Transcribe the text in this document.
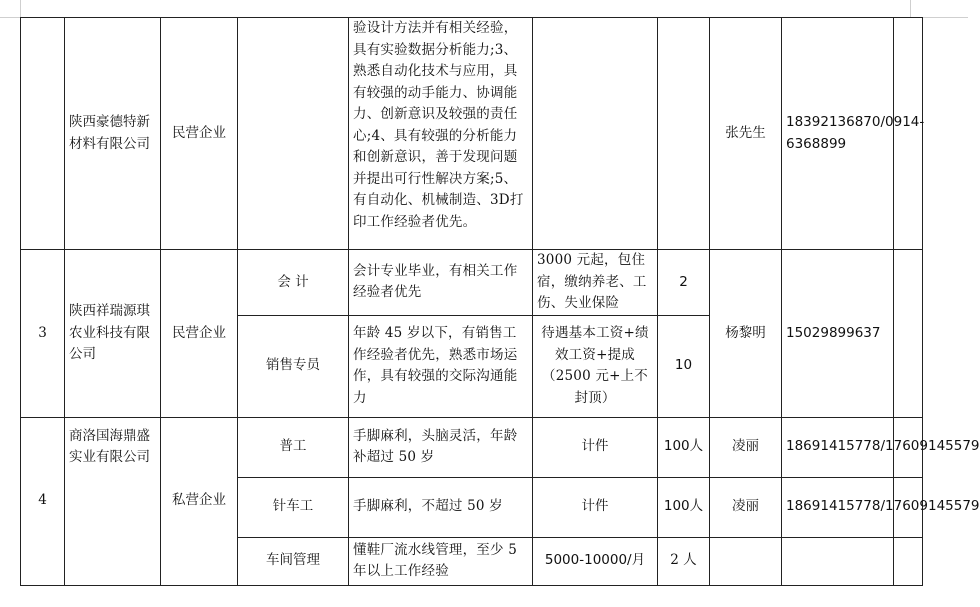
	陕西豪德特新材料有限公司	民营企业		验设计方法并有相关经验，具有实验数据分析能力;3、熟悉自动化技术与应用，具有较强的动手能力、协调能力、创新意识及较强的责任心;4、具有较强的分析能力和创新意识，善于发现问题并提出可行性解决方案;5、有自动化、机械制造、3D打印工作经验者优先。			张先生	18392136870/0914-6368899	
3	陕西祥瑞源琪农业科技有限公司	民营企业	会 计	会计专业毕业，有相关工作经验者优先	3000 元起，包住宿，缴纳养老、工伤、失业保险	2	杨黎明	15029899637	
			销售专员	年龄 45 岁以下，有销售工作经验者优先，熟悉市场运作，具有较强的交际沟通能力	待遇基本工资+绩效工资+提成（2500 元+上不封顶）	10			
4	商洛国海鼎盛实业有限公司	私营企业	普工	手脚麻利，头脑灵活，年龄补超过 50 岁	计件	100人	凌丽	18691415778/17609145579	
			针车工	手脚麻利，不超过 50 岁	计件	100人	凌丽	18691415778/17609145579	
			车间管理	懂鞋厂流水线管理，至少 5 年以上工作经验	5000-10000/月	2 人			
